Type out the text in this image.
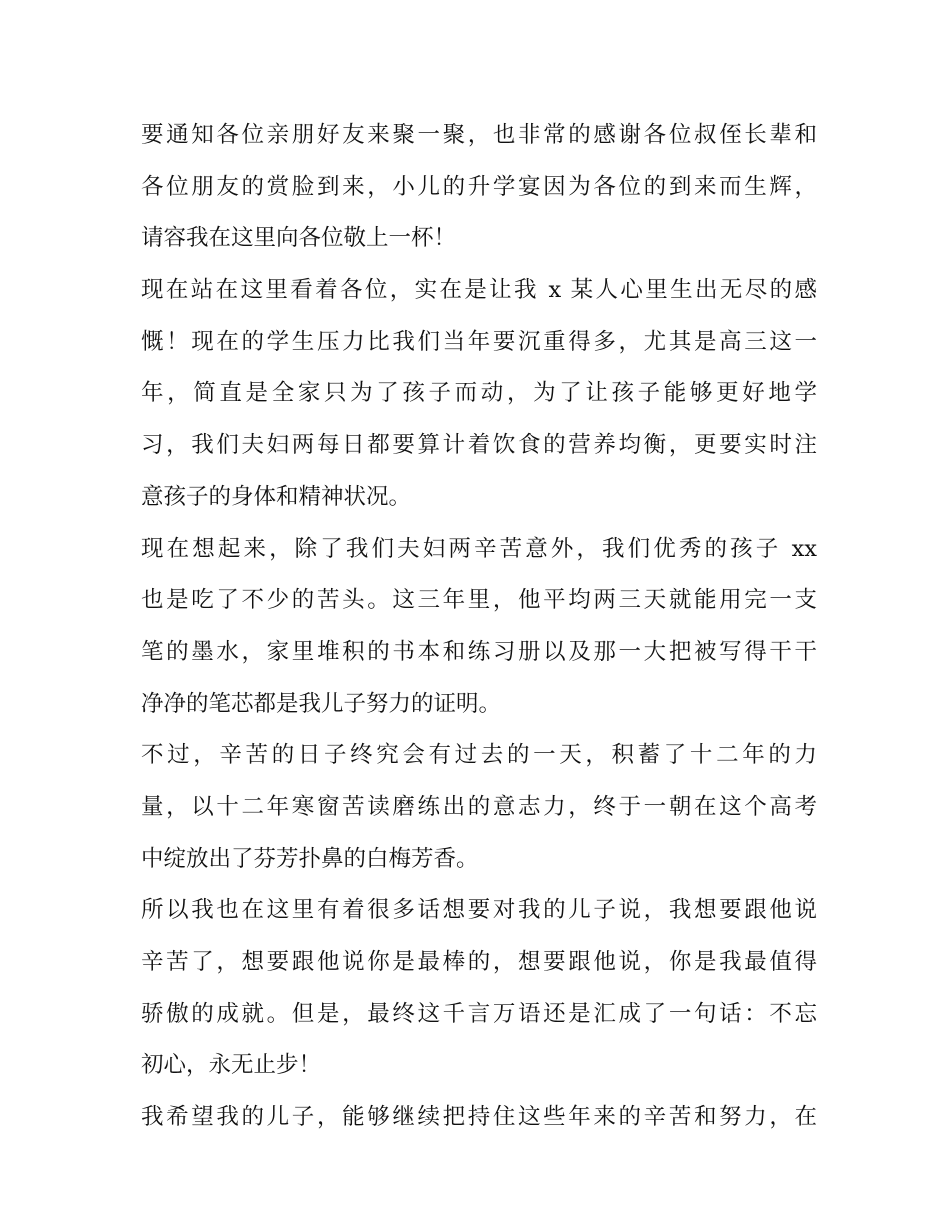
要通知各位亲朋好友来聚一聚，也非常的感谢各位叔侄长辈和
各位朋友的赏脸到来，小儿的升学宴因为各位的到来而生辉，
请容我在这里向各位敬上一杯！
现在站在这里看着各位，实在是让我 x 某人心里生出无尽的感
慨！现在的学生压力比我们当年要沉重得多，尤其是高三这一
年，简直是全家只为了孩子而动，为了让孩子能够更好地学
习，我们夫妇两每日都要算计着饮食的营养均衡，更要实时注
意孩子的身体和精神状况。
现在想起来，除了我们夫妇两辛苦意外，我们优秀的孩子 xx
也是吃了不少的苦头。这三年里，他平均两三天就能用完一支
笔的墨水，家里堆积的书本和练习册以及那一大把被写得干干
净净的笔芯都是我儿子努力的证明。
不过，辛苦的日子终究会有过去的一天，积蓄了十二年的力
量，以十二年寒窗苦读磨练出的意志力，终于一朝在这个高考
中绽放出了芬芳扑鼻的白梅芳香。
所以我也在这里有着很多话想要对我的儿子说，我想要跟他说
辛苦了，想要跟他说你是最棒的，想要跟他说，你是我最值得
骄傲的成就。但是，最终这千言万语还是汇成了一句话：不忘
初心，永无止步！
我希望我的儿子，能够继续把持住这些年来的辛苦和努力，在
